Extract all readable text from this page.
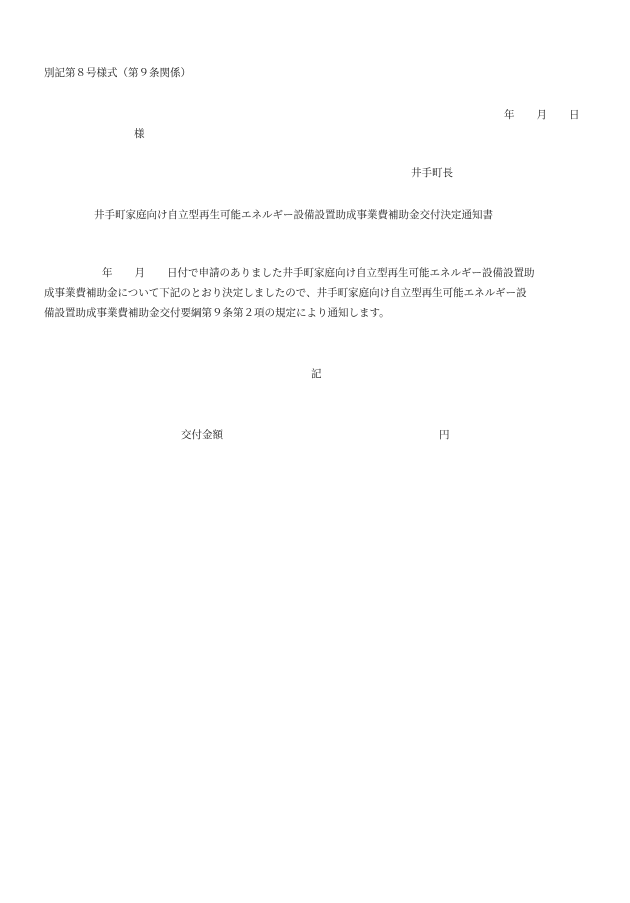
別記第８号様式（第９条関係）
年 月 日
様
井手町長
井手町家庭向け自立型再生可能エネルギー設備設置助成事業費補助金交付決定通知書
年 月 日付で申請のありました井手町家庭向け自立型再生可能エネルギー設備設置助
成事業費補助金について下記のとおり決定しましたので、井手町家庭向け自立型再生可能エネルギー設
備設置助成事業費補助金交付要綱第９条第２項の規定により通知します。
記
交付金額	円
